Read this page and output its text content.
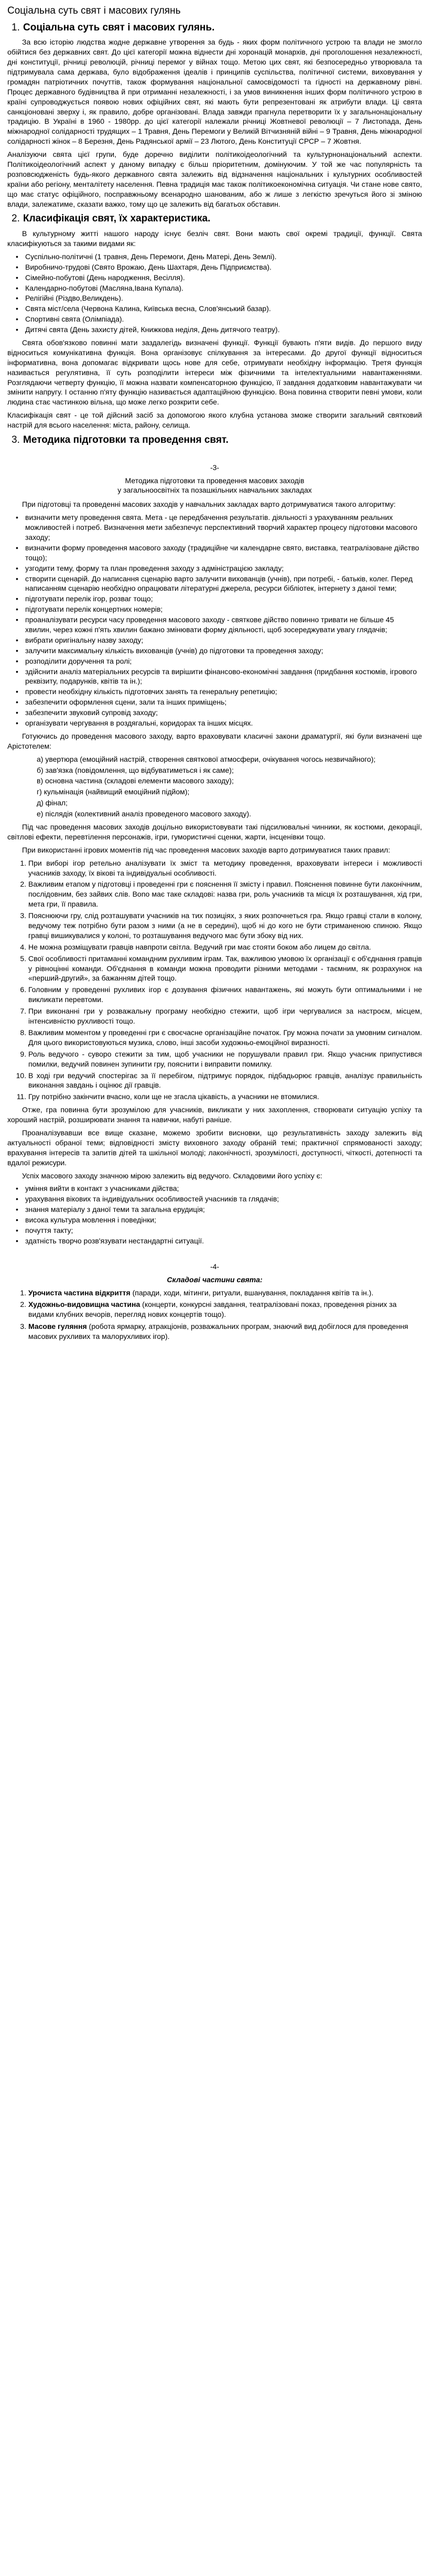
Соціальна суть свят і масових гулянь
1. Соціальна суть свят і масових гулянь.

За всю історію людства жодне державне утворення за будь - яких форм політичного устрою та влади не змогло обійтися без державних свят. До цієї категорії можна віднести дні хоронацій монархів, дні проголошення незалежності, дні конституції, річниці революцій, річниці перемог у війнах тощо. Метою цих свят, які безпосередньо утворювала та підтримувала сама держава, було відображення ідеалів і принципів суспільства, політичної системи, виховування у громадян патріотичних почуттів, також формування національної самосвідомості та гідності на державному рівні. Процес державного будівництва й при отриманні незалежності, і за умов виникнення інших форм політичного устрою в країні супроводжується появою нових офіційних свят, які мають бути репрезентовані як атрибути влади. Ці свята санкціоновані зверху і, як правило, добре організовані. Влада завжди прагнула перетворити їх у загальнонаціональну традицію. В Україні в 1960 - 1980рр. до цієї категорії належали річниці Жовтневої революції – 7 Листопада, День міжнародної солідарності трудящих – 1 Травня, День Перемоги у Великій Вітчизняній війні – 9 Травня, День міжнародної солідарності жінок – 8 Березня, День Радянської армії – 23 Лютого, День Конституції СРСР – 7 Жовтня.

Аналізуючи свята цієї групи, буде доречно виділити політикоідеологічний та культурнонаціональний аспекти. Політикоідеологічний аспект у даному випадку є більш пріоритетним, домінуючим. У той же час популярність та розповсюдженість будь-якого державного свята залежить від відзначення національних і культурних особливостей країни або регіону, менталітету населення. Певна традиція має також політикоекономічна ситуація. Чи стане нове свято, що має статус офіційного, посправжньому всенародно шанованим, або ж лише з легкістю зречуться його зі зміною влади, залежатиме, сказати важко, тому що це залежить від багатьох обставин.

2. Класифікація свят, їх характеристика.

В культурному житті нашого народу існує безліч свят. Вони мають свої окремі традиції, функції. Свята класифікуються за такими видами як:

• Суспільно-політичні (1 травня, День Перемоги, День Матері, День Землі).
• Виробничо-трудові (Свято Врожаю, День Шахтаря, День Підприємства).
• Сімейно-побутові (День народження, Весілля).
• Календарно-побутові (Масляна,Івана Купала).
• Релігійні (Різдво,Великдень).
• Свята міст/села (Червона Калина, Київська весна, Слов'янський базар).
• Спортивні свята (Олімпіада).
• Дитячі свята (День захисту дітей, Книжкова неділя, День дитячого театру).

Свята обов'язково повинні мати заздалегідь визначені функції. Функції бувають п'яти видів. До першого виду відноситься комунікативна функція. Вона організовує спілкування за інтересами. До другої функції відноситься інформативна, вона допомагає відкривати щось нове для себе, отримувати необхідну інформацію. Третя функція називається регулятивна, її суть розподілити інтереси між фізичними та інтелектуальними навантаженнями. Розглядаючи четверту функцію, її можна назвати компенсаторною функцією, її завдання додатковим навантажувати чи змінити напругу. І останню п'яту функцію називається адаптаційною функцією. Вона повинна створити певні умови, коли людина стає частинкою вільна, що може легко розкрити себе.

Класифікація свят - це той дійсний засіб за допомогою якого клубна установа зможе створити загальний святковий настрій для всього населення: міста, району, селища.

3. Методика підготовки та проведення свят.
-3-
Методика підготовки та проведення масових заходів
у загальноосвітніх та позашкільних навчальних закладах

При підготовці та проведенні масових заходів у навчальних закладах варто дотримуватися такого алгоритму:

• визначити мету проведення свята. Мета - це передбачення результатів. діяльності з урахуванням реальних можливостей і потреб. Визначення мети забезпечує перспективний творчий характер процесу підготовки масового заходу;
• визначити форму проведення масового заходу (традиційне чи календарне свято, виставка, театралізоване дійство тощо);
• узгодити тему, форму та план проведення заходу з адміністрацією закладу;
• створити сценарій. До написання сценарію варто залучити вихованців (учнів), при потребі, - батьків, колег. Перед написанням сценарію необхідно опрацювати літературні джерела, ресурси бібліотек, інтернету з даної теми;
• підготувати перелік ігор, розваг тощо;
• підготувати перелік концертних номерів;
• проаналізувати ресурси часу проведення масового заходу - святкове дійство повинно тривати не більше 45 хвилин, через кожні п'ять хвилин бажано змінювати форму діяльності, щоб зосереджувати увагу глядачів;
• вибрати оригінальну назву заходу;
• залучити максимальну кількість вихованців (учнів) до підготовки та проведення заходу;
• розподілити доручення та ролі;
• здійснити аналіз матеріальних ресурсів та вирішити фінансово-економічні завдання (придбання костюмів, ігрового реквізиту, подарунків, квітів та ін.);
• провести необхідну кількість підготовчих занять та генеральну репетицію;
• забезпечити оформлення сцени, зали та інших приміщень;
• забезпечити звуковий супровід заходу;
• організувати чергування в роздягальні, коридорах та інших місцях.

Готуючись до проведення масового заходу, варто враховувати класичні закони драматургії, які були визначені ще Арістотелем:

а) увертюра (емоційний настрій, створення святкової атмосфери, очікування чогось незвичайного);
б) зав'язка (повідомлення, що відбуватиметься і як саме);
в) основна частина (складові елементи масового заходу);
г) кульмінація (найвищий емоційний підйом);
д) фінал;
е) післядія (колективний аналіз проведеного масового заходу).

Під час проведення масових заходів доцільно використовувати такі підсилювальні чинники, як костюми, декорації, світлові ефекти, перевтілення персонажів, ігри, гумористичні сценки, жарти, інсценівки тощо.

При використанні ігрових моментів під час проведення масових заходів варто дотримуватися таких правил:

1. При виборі ігор ретельно аналізувати їх зміст та методику проведення, враховувати інтереси і можливості учасників заходу, їх вікові та індивідуальні особливості.
2. Важливим етапом у підготовці і проведенні гри є пояснення її змісту і правил. Пояснення повинне бути лаконічним, послідовним, без зайвих слів. Вono має таке складові: назва гри, роль учасників та місця їх розташування, хід гри, мета гри, її правила.
3. Пояснюючи гру, слід розташувати учасників на тих позиціях, з яких розпочнеться гра. Якщо гравці стали в колону, ведучому теж потрібно бути разом з ними (а не в середині), щоб ні до кого не бути стриманеною спиною. Якщо гравці вишикувалися у колоні, то розташування ведучого має бути збоку від них.
4. Не можна розміщувати гравців навпроти світла. Ведучий гри має стояти боком або лицем до світла.
5. Свої особливості притаманні командним рухливим іграм. Так, важливою умовою їх організації є об'єднання гравців у рівноцінні команди. Об'єднання в команди можна проводити різними методами - таємним, як розрахунок на «перший-другий», за бажанням дітей тощо.
6. Головним у проведенні рухливих ігор є дозування фізичних навантажень, які можуть бути оптимальними і не викликати перевтоми.
7. При виконанні гри у розважальну програму необхідно стежити, щоб ігри чергувалися за настроєм, місцем, інтенсивністю рухливості тощо.
8. Важливим моментом у проведенні гри є своєчасне організаційне початок. Гру можна почати за умовним сигналом. Для цього використовуються музика, слово, інші засоби художньо-емоційної виразності.
9. Роль ведучого - суворо стежити за тим, щоб учасники не порушували правил гри. Якщо учасник припустився помилки, ведучий повинен зупинити гру, пояснити і виправити помилку.
10. В ході гри ведучий спостерігає за її перебігом, підтримує порядок, підбадьорює гравців, аналізує правильність виконання завдань і оцінює дії гравців.
11. Гру потрібно закінчити вчасно, коли ще не згасла цікавість, а учасники не втомилися.

Отже, гра повинна бути зрозумілою для учасників, викликати у них захоплення, створювати ситуацію успіху та хороший настрій, розширювати знання та навички, набуті раніше.

Проаналізувавши все вище сказане, можемо зробити висновки, що результативність заходу залежить від актуальності обраної теми; відповідності змісту виховного заходу обраній темі; практичної спрямованості заходу; врахування інтересів та запитів дітей та шкільної молоді; лаконічності, зрозумілості, доступності, чіткості, дотепності та вдалої режисури.

Успіх масового заходу значною мірою залежить від ведучого. Складовими його успіху є:

• уміння вийти в контакт з учасниками дійства;
• урахування вікових та індивідуальних особливостей учасників та глядачів;
• знання матеріалу з даної теми та загальна ерудиція;
• висока культура мовлення і поведінки;
• почуття такту;
• здатність творчо розв'язувати нестандартні ситуації.
-4-
Складові частини свята:
1. Урочиста частина відкриття (паради, ходи, мітинги, ритуали, вшанування, покладання квітів та ін.).
2. Художньо-видовищна частина (концерти, конкурсні завдання, театралізовані показ, проведення різних за видами клубних вечорів, перегляд нових концертів тощо).
3. Масове гуляння (робота ярмарку, атракціонів, розважальних програм, знаючий вид добіглося для проведення масових рухливих та малорухливих ігор).
